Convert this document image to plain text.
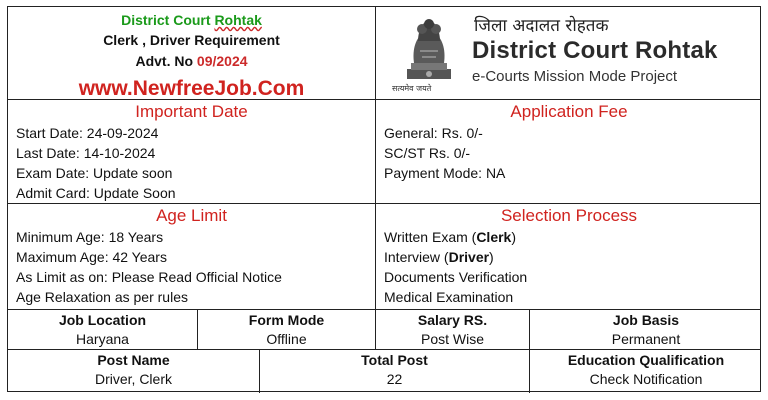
District Court Rohtak
Clerk , Driver Requirement
Advt. No 09/2024
www.NewfreeJob.Com	सत्यमेव जयते
जिला अदालत रोहतक
District Court Rohtak
e-Courts Mission Mode Project
Important Date
Start Date: 24-09-2024
Last Date: 14-10-2024
Exam Date: Update soon
Admit Card: Update Soon
Application Fee
General: Rs. 0/-
SC/ST Rs. 0/-
Payment Mode: NA
Age Limit
Minimum Age: 18 Years
Maximum Age: 42 Years
As Limit as on: Please Read Official Notice
Age Relaxation as per rules
Selection Process
Written Exam (Clerk)
Interview (Driver)
Documents Verification
Medical Examination
Job Location
Haryana
Form Mode
Offline
Salary RS.
Post Wise
Job Basis
Permanent
Post Name
Driver, Clerk
Total Post
22
Education Qualification
Check Notification
